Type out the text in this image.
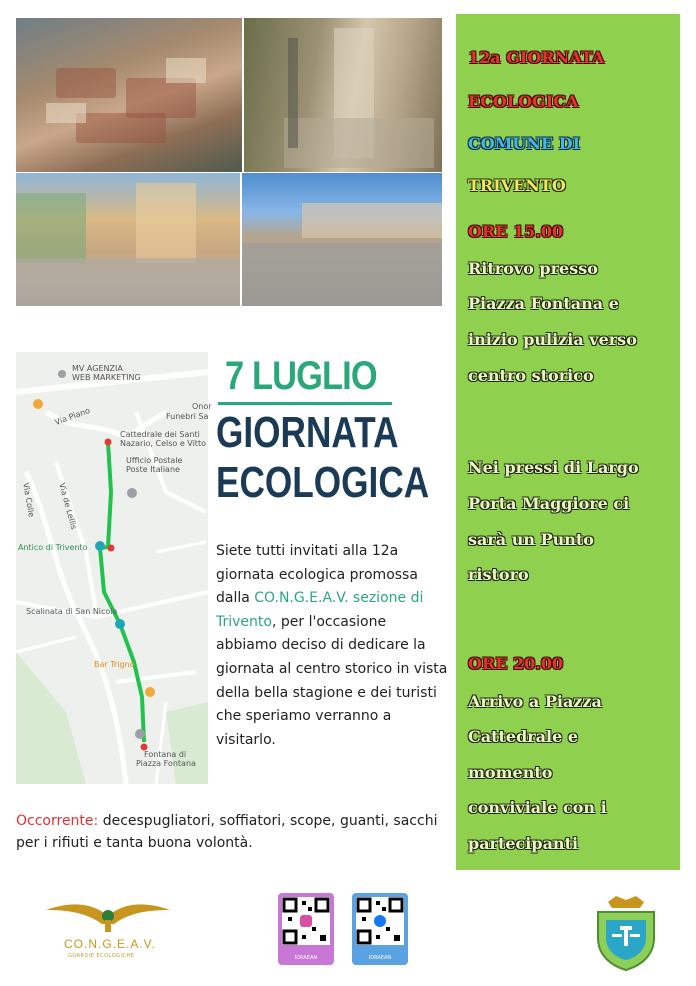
12a GIORNATA

ECOLOGICA

COMUNE DI

TRIVENTO

ORE 15.00

Ritrovo presso

Piazza Fontana e

inizio pulizia verso

centro storico

Nei pressi di Largo

Porta Maggiore ci

sarà un Punto

ristoro

ORE 20.00

Arrivo a Piazza

Cattedrale e

momento

conviviale con i

partecipanti

MV AGENZIA
WEB MARKETING
Via Piano	Onor
Funebri Sa
Cattedrale dei Santi
Nazario, Celso e Vitto
Ufficio Postale
Poste Italiane
Via Colle	Via de Lellis
Antico di Trivento
Scalinata di San Nicola
Bar Trigno
Fontana di
Piazza Fontana
7 LUGLIO
GIORNATA
ECOLOGICA

Siete tutti invitati alla 12a giornata ecologica promossa dalla CO.N.G.E.A.V. sezione di Trivento, per l'occasione abbiamo deciso di dedicare la giornata al centro storico in vista della bella stagione e dei turisti che speriamo verranno a visitarlo.

Occorrente: decespugliatori, soffiatori, scope, guanti, sacchi per i rifiuti e tanta buona volontà.

CO.N.G.E.A.V.
GUARDIE ECOLOGICHE	IDRAEAN	IDRAEAN
